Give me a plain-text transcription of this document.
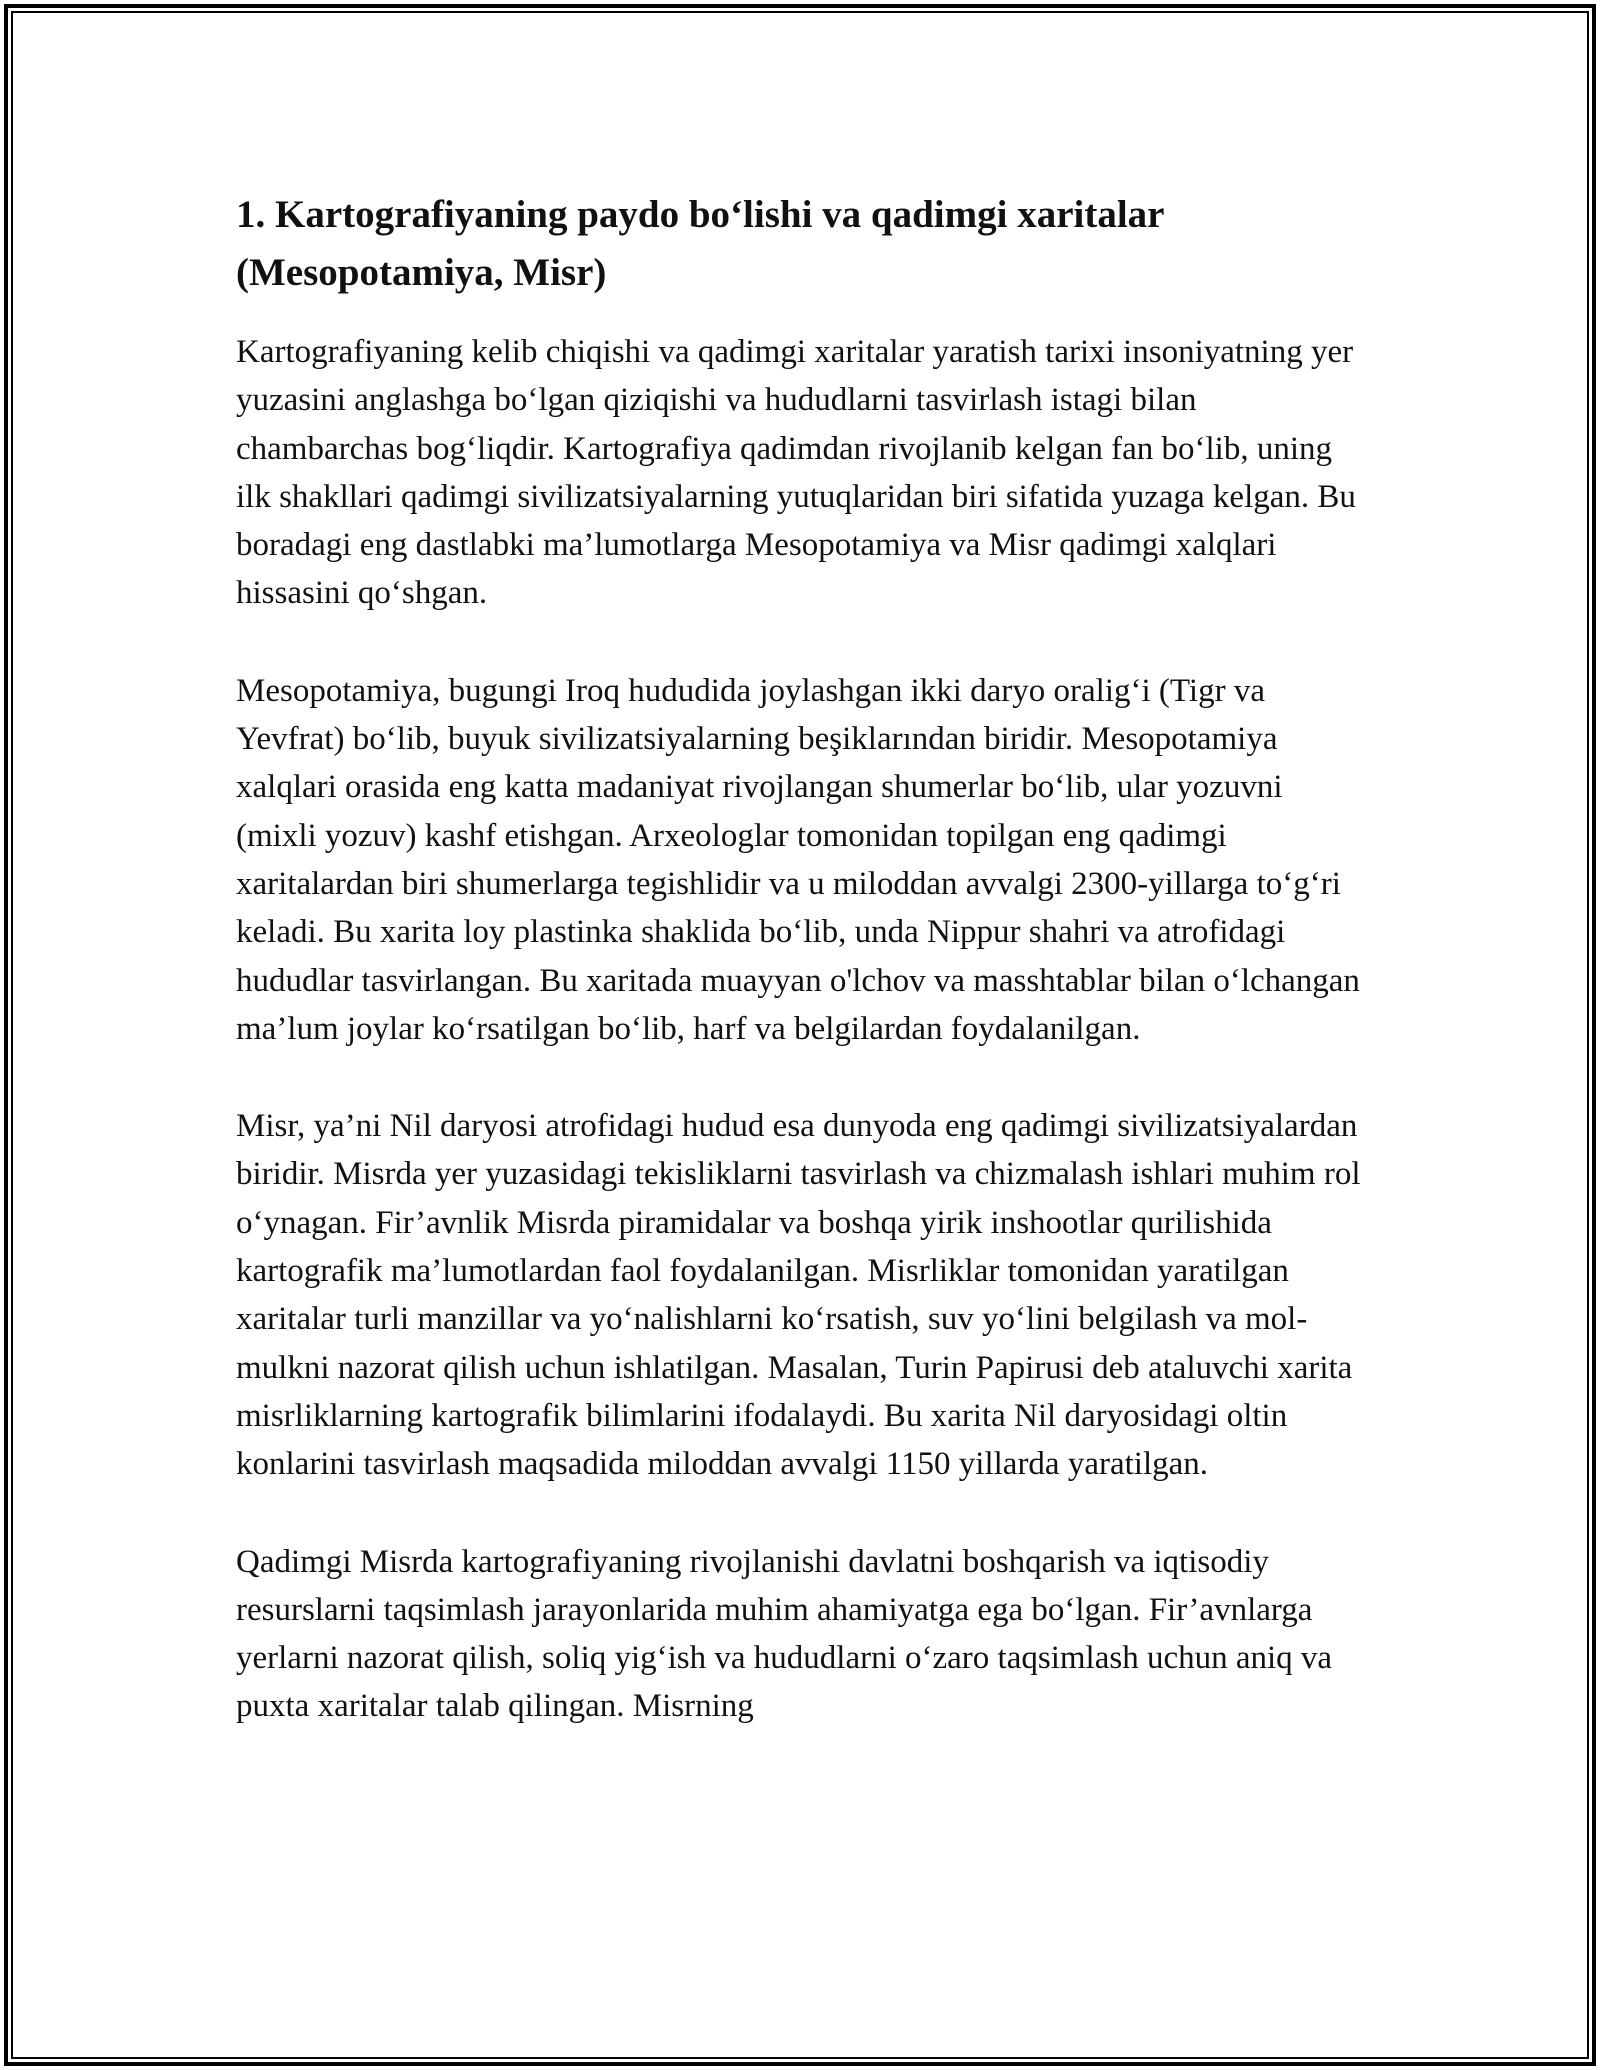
1. Kartografiyaning paydo bo‘lishi va qadimgi xaritalar (Mesopotamiya, Misr)

Kartografiyaning kelib chiqishi va qadimgi xaritalar yaratish tarixi insoniyatning yer yuzasini anglashga bo‘lgan qiziqishi va hududlarni tasvirlash istagi bilan chambarchas bog‘liqdir. Kartografiya qadimdan rivojlanib kelgan fan bo‘lib, uning ilk shakllari qadimgi sivilizatsiyalarning yutuqlaridan biri sifatida yuzaga kelgan. Bu boradagi eng dastlabki ma’lumotlarga Mesopotamiya va Misr qadimgi xalqlari hissasini qo‘shgan.

Mesopotamiya, bugungi Iroq hududida joylashgan ikki daryo oralig‘i (Tigr va Yevfrat) bo‘lib, buyuk sivilizatsiyalarning beşiklarından biridir. Mesopotamiya xalqlari orasida eng katta madaniyat rivojlangan shumerlar bo‘lib, ular yozuvni (mixli yozuv) kashf etishgan. Arxeologlar tomonidan topilgan eng qadimgi xaritalardan biri shumerlarga tegishlidir va u miloddan avvalgi 2300-yillarga to‘g‘ri keladi. Bu xarita loy plastinka shaklida bo‘lib, unda Nippur shahri va atrofidagi hududlar tasvirlangan. Bu xaritada muayyan o'lchov va masshtablar bilan o‘lchangan ma’lum joylar ko‘rsatilgan bo‘lib, harf va belgilardan foydalanilgan.

Misr, ya’ni Nil daryosi atrofidagi hudud esa dunyoda eng qadimgi sivilizatsiyalardan biridir. Misrda yer yuzasidagi tekisliklarni tasvirlash va chizmalash ishlari muhim rol o‘ynagan. Fir’avnlik Misrda piramidalar va boshqa yirik inshootlar qurilishida kartografik ma’lumotlardan faol foydalanilgan. Misrliklar tomonidan yaratilgan xaritalar turli manzillar va yo‘nalishlarni ko‘rsatish, suv yo‘lini belgilash va mol-mulkni nazorat qilish uchun ishlatilgan. Masalan, Turin Papirusi deb ataluvchi xarita misrliklarning kartografik bilimlarini ifodalaydi. Bu xarita Nil daryosidagi oltin konlarini tasvirlash maqsadida miloddan avvalgi 1150 yillarda yaratilgan.

Qadimgi Misrda kartografiyaning rivojlanishi davlatni boshqarish va iqtisodiy resurslarni taqsimlash jarayonlarida muhim ahamiyatga ega bo‘lgan. Fir’avnlarga yerlarni nazorat qilish, soliq yig‘ish va hududlarni o‘zaro taqsimlash uchun aniq va puxta xaritalar talab qilingan. Misrning
